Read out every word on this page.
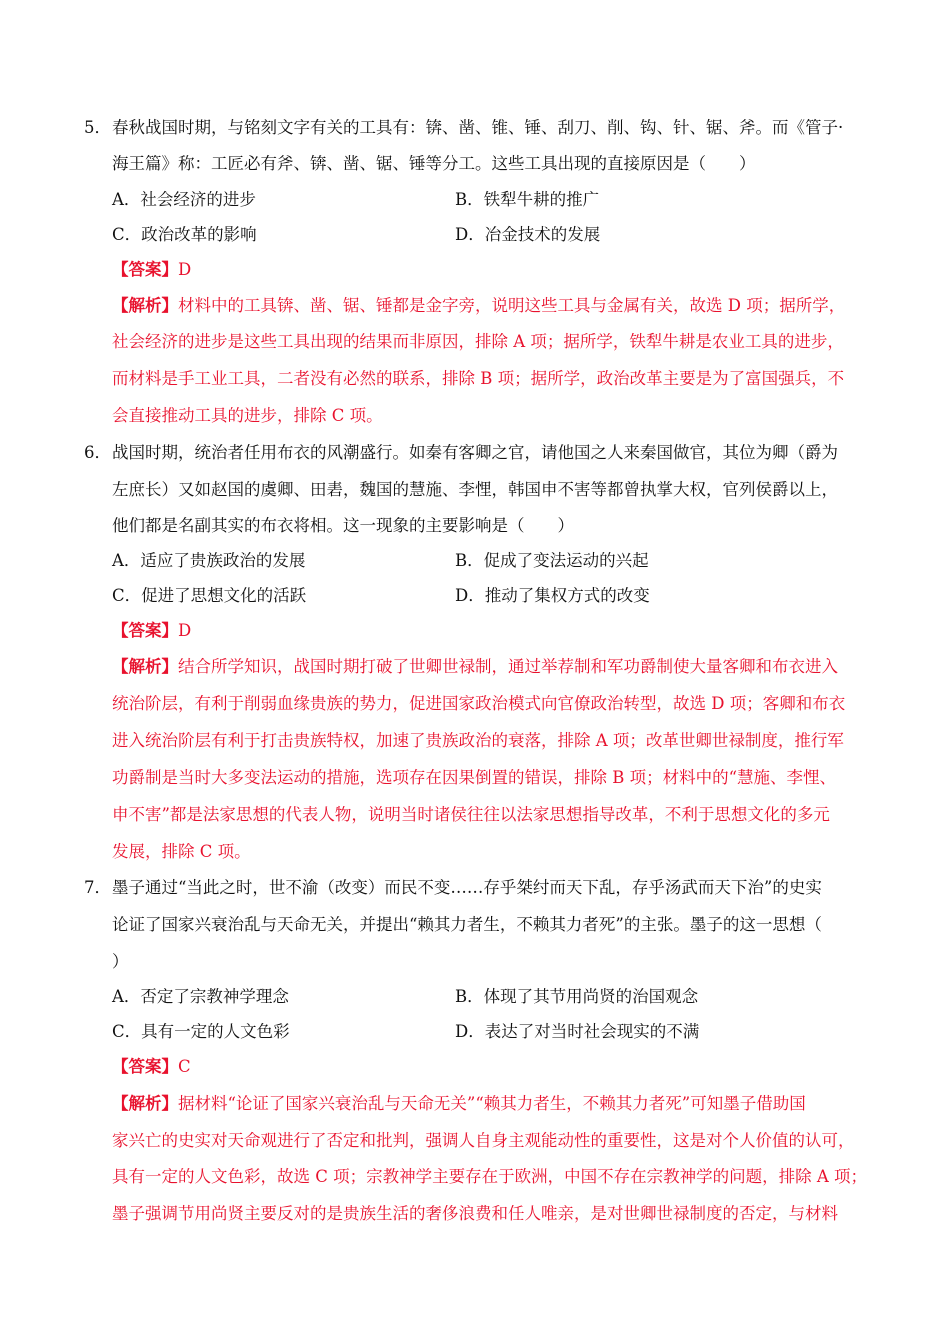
5． 春秋战国时期，与铭刻文字有关的工具有：锛、凿、锥、锤、刮刀、削、钩、针、锯、斧。而《管子·
海王篇》称：工匠必有斧、锛、凿、锯、锤等分工。这些工具出现的直接原因是（　　）
A．社会经济的进步	B．铁犁牛耕的推广
C．政治改革的影响	D．冶金技术的发展
【答案】D
【解析】材料中的工具锛、凿、锯、锤都是金字旁，说明这些工具与金属有关，故选 D 项；据所学，
社会经济的进步是这些工具出现的结果而非原因，排除 A 项；据所学，铁犁牛耕是农业工具的进步，
而材料是手工业工具，二者没有必然的联系，排除 B 项；据所学，政治改革主要是为了富国强兵，不
会直接推动工具的进步，排除 C 项。
6． 战国时期，统治者任用布衣的风潮盛行。如秦有客卿之官，请他国之人来秦国做官，其位为卿（爵为
左庶长）又如赵国的虞卿、田砉，魏国的慧施、李悝，韩国申不害等都曾执掌大权，官列侯爵以上，
他们都是名副其实的布衣将相。这一现象的主要影响是（　　）
A．适应了贵族政治的发展	B．促成了变法运动的兴起
C．促进了思想文化的活跃	D．推动了集权方式的改变
【答案】D
【解析】结合所学知识，战国时期打破了世卿世禄制，通过举荐制和军功爵制使大量客卿和布衣进入
统治阶层，有利于削弱血缘贵族的势力，促进国家政治模式向官僚政治转型，故选 D 项；客卿和布衣
进入统治阶层有利于打击贵族特权，加速了贵族政治的衰落，排除 A 项；改革世卿世禄制度，推行军
功爵制是当时大多变法运动的措施，选项存在因果倒置的错误，排除 B 项；材料中的“慧施、李悝、
申不害”都是法家思想的代表人物，说明当时诸侯往往以法家思想指导改革，不利于思想文化的多元
发展，排除 C 项。
7． 墨子通过“当此之时，世不渝（改变）而民不变……存乎桀纣而天下乱，存乎汤武而天下治”的史实
论证了国家兴衰治乱与天命无关，并提出“赖其力者生，不赖其力者死”的主张。墨子的这一思想（
）
A．否定了宗教神学理念	B．体现了其节用尚贤的治国观念
C．具有一定的人文色彩	D．表达了对当时社会现实的不满
【答案】C
【解析】据材料“论证了国家兴衰治乱与天命无关”“赖其力者生，不赖其力者死”可知墨子借助国
家兴亡的史实对天命观进行了否定和批判，强调人自身主观能动性的重要性，这是对个人价值的认可，
具有一定的人文色彩，故选 C 项；宗教神学主要存在于欧洲，中国不存在宗教神学的问题，排除 A 项；
墨子强调节用尚贤主要反对的是贵族生活的奢侈浪费和任人唯亲，是对世卿世禄制度的否定，与材料
